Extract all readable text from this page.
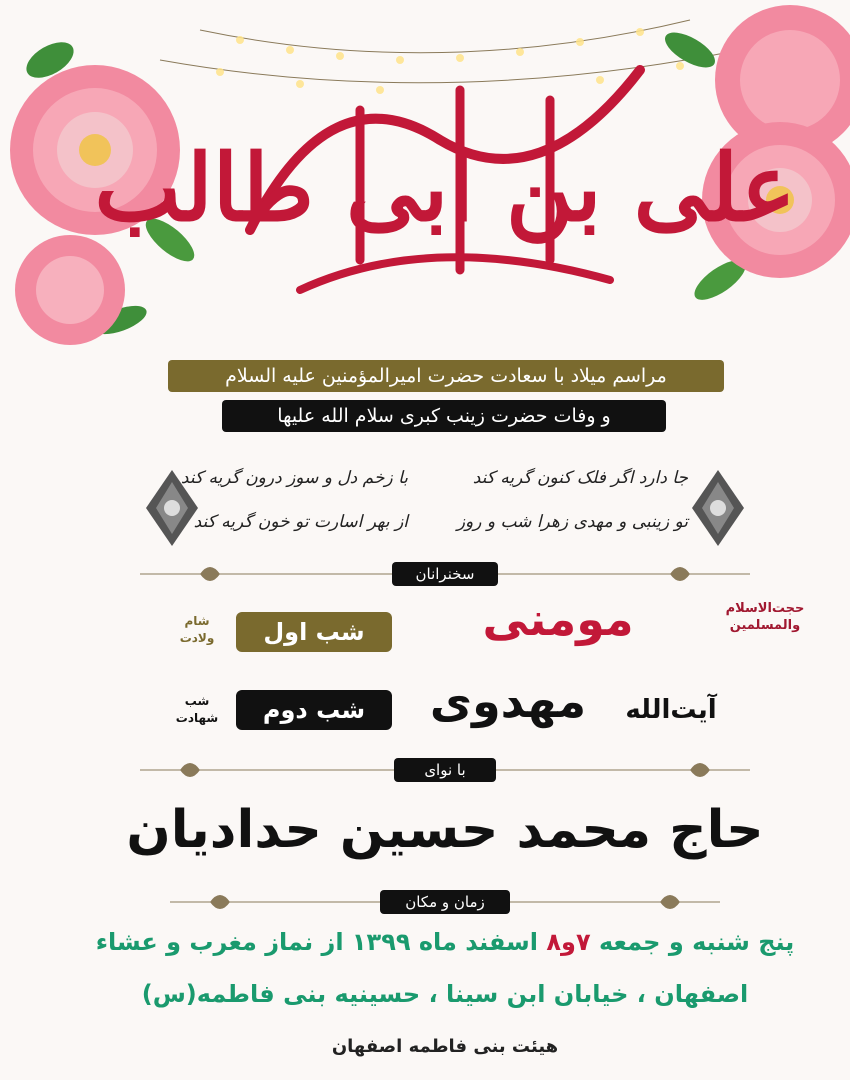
علی بن ابی طالب
مراسم میلاد با سعادت حضرت امیرالمؤمنین علیه السلام
و وفات حضرت زینب کبری سلام الله علیها
جا دارد اگر فلک کنون گریه کند
با زخم دل و سوز درون گریه کند
تو زینبی و مهدی زهرا شب و روز
از بهر اسارت تو خون گریه کند
سخنرانان
حجت‌الاسلام
والمسلمین
مومنی
شب اول
شام
ولادت
آیت‌الله
مهدوی
شب دوم
شب
شهادت
با نوای
حاج محمد حسین حدادیان
زمان و مکان
پنج شنبه و جمعه ۷و۸ اسفند ماه ۱۳۹۹ از نماز مغرب و عشاء
اصفهان ، خیابان ابن سینا ، حسینیه بنی فاطمه(س)
هیئت بنی فاطمه اصفهان
